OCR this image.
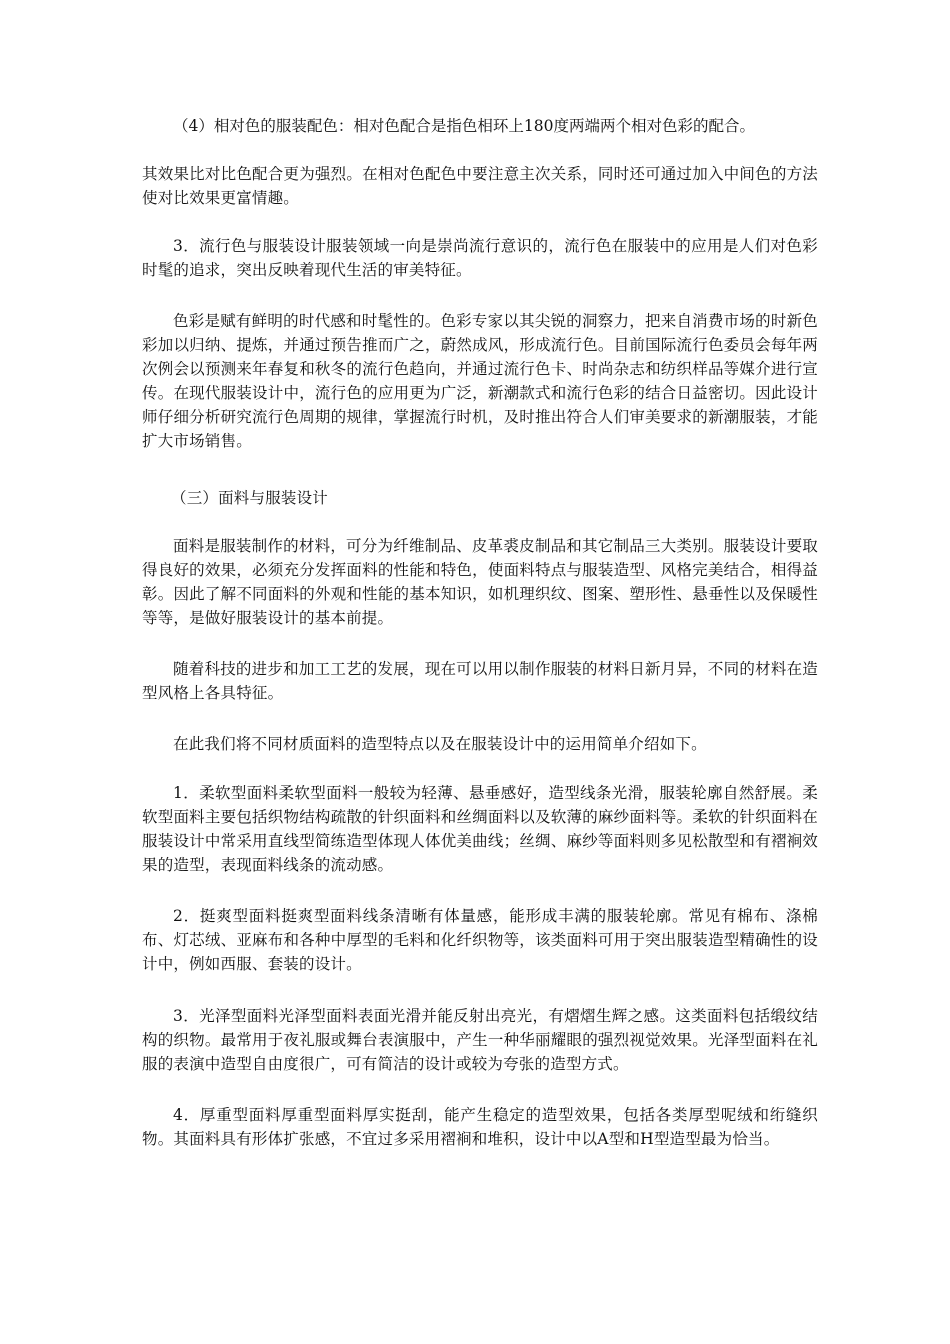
（4）相对色的服装配色：相对色配合是指色相环上180度两端两个相对色彩的配合。

其效果比对比色配合更为强烈。在相对色配色中要注意主次关系，同时还可通过加入中间色的方法使对比效果更富情趣。

3．流行色与服装设计服装领域一向是崇尚流行意识的，流行色在服装中的应用是人们对色彩时髦的追求，突出反映着现代生活的审美特征。

色彩是赋有鲜明的时代感和时髦性的。色彩专家以其尖锐的洞察力，把来自消费市场的时新色彩加以归纳、提炼，并通过预告推而广之，蔚然成风，形成流行色。目前国际流行色委员会每年两次例会以预测来年春复和秋冬的流行色趋向，并通过流行色卡、时尚杂志和纺织样品等媒介进行宣传。在现代服装设计中，流行色的应用更为广泛，新潮款式和流行色彩的结合日益密切。因此设计师仔细分析研究流行色周期的规律，掌握流行时机，及时推出符合人们审美要求的新潮服装，才能扩大市场销售。

（三）面料与服装设计

面料是服装制作的材料，可分为纤维制品、皮革裘皮制品和其它制品三大类别。服装设计要取得良好的效果，必须充分发挥面料的性能和特色，使面料特点与服装造型、风格完美结合，相得益彰。因此了解不同面料的外观和性能的基本知识，如机理织纹、图案、塑形性、悬垂性以及保暖性等等，是做好服装设计的基本前提。

随着科技的进步和加工工艺的发展，现在可以用以制作服装的材料日新月异，不同的材料在造型风格上各具特征。

在此我们将不同材质面料的造型特点以及在服装设计中的运用简单介绍如下。

1．柔软型面料柔软型面料一般较为轻薄、悬垂感好，造型线条光滑，服装轮廓自然舒展。柔软型面料主要包括织物结构疏散的针织面料和丝绸面料以及软薄的麻纱面料等。柔软的针织面料在服装设计中常采用直线型简练造型体现人体优美曲线；丝绸、麻纱等面料则多见松散型和有褶裥效果的造型，表现面料线条的流动感。

2．挺爽型面料挺爽型面料线条清晰有体量感，能形成丰满的服装轮廓。常见有棉布、涤棉布、灯芯绒、亚麻布和各种中厚型的毛料和化纤织物等，该类面料可用于突出服装造型精确性的设计中，例如西服、套装的设计。

3．光泽型面料光泽型面料表面光滑并能反射出亮光，有熠熠生辉之感。这类面料包括缎纹结构的织物。最常用于夜礼服或舞台表演服中，产生一种华丽耀眼的强烈视觉效果。光泽型面料在礼服的表演中造型自由度很广，可有简洁的设计或较为夸张的造型方式。

4．厚重型面料厚重型面料厚实挺刮，能产生稳定的造型效果，包括各类厚型呢绒和绗缝织物。其面料具有形体扩张感，不宜过多采用褶裥和堆积，设计中以A型和H型造型最为恰当。
